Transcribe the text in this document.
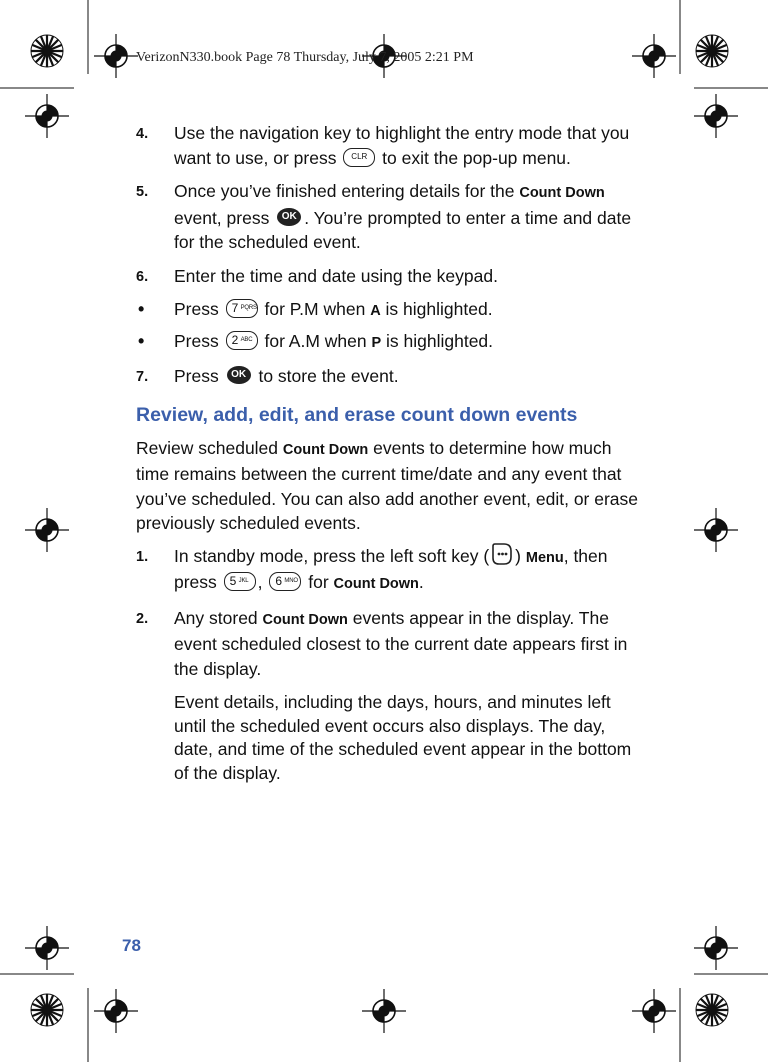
VerizonN330.book Page 78 Thursday, July 7, 2005 2:21 PM
4. Use the navigation key to highlight the entry mode that you want to use, or press	CLR to exit the pop-up menu.
5. Once you’ve finished entering details for the Count Down event, press OK . You’re prompted to enter a time and date for the scheduled event.
6. Enter the time and date using the keypad.
• Press 7 PQRS for P.M when A is highlighted.
• Press 2 ABC for A.M when P is highlighted.
7. Press OK to store the event.
Review, add, edit, and erase count down events

Review scheduled Count Down events to determine how much time remains between the current time/date and any event that you’ve scheduled. You can also add another event, edit, or erase previously scheduled events.

1. In standby mode, press the left soft key ( ) Menu, then press 5 JKL , 6 MNO for Count Down.
2. Any stored Count Down events appear in the display. The event scheduled closest to the current date appears first in the display.

Event details, including the days, hours, and minutes left until the scheduled event occurs also displays. The day, date, and time of the scheduled event appear in the bottom of the display.

78
